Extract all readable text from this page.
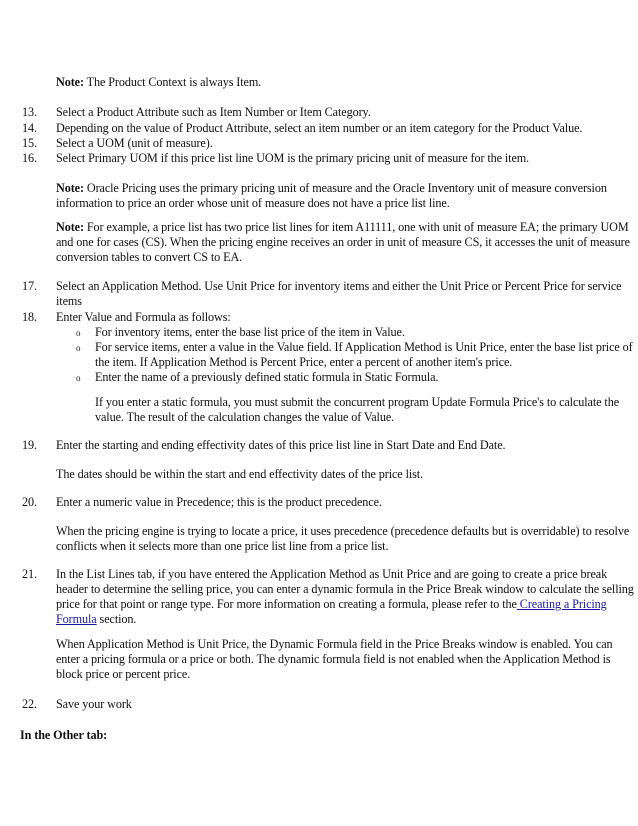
Note: The Product Context is always Item.

13. Select a Product Attribute such as Item Number or Item Category.

14. Depending on the value of Product Attribute, select an item number or an item category for the Product Value.

15. Select a UOM (unit of measure).

16. Select Primary UOM if this price list line UOM is the primary pricing unit of measure for the item.

Note: Oracle Pricing uses the primary pricing unit of measure and the Oracle Inventory unit of measure conversion information to price an order whose unit of measure does not have a price list line.

Note: For example, a price list has two price list lines for item A11111, one with unit of measure EA; the primary UOM and one for cases (CS). When the pricing engine receives an order in unit of measure CS, it accesses the unit of measure conversion tables to convert CS to EA.

17. Select an Application Method. Use Unit Price for inventory items and either the Unit Price or Percent Price for service items

18. Enter Value and Formula as follows:

o For inventory items, enter the base list price of the item in Value.

o For service items, enter a value in the Value field. If Application Method is Unit Price, enter the base list price of the item. If Application Method is Percent Price, enter a percent of another item's price.

o Enter the name of a previously defined static formula in Static Formula.

If you enter a static formula, you must submit the concurrent program Update Formula Price's to calculate the value. The result of the calculation changes the value of Value.

19. Enter the starting and ending effectivity dates of this price list line in Start Date and End Date.

The dates should be within the start and end effectivity dates of the price list.

20. Enter a numeric value in Precedence; this is the product precedence.

When the pricing engine is trying to locate a price, it uses precedence (precedence defaults but is overridable) to resolve conflicts when it selects more than one price list line from a price list.

21. In the List Lines tab, if you have entered the Application Method as Unit Price and are going to create a price break header to determine the selling price, you can enter a dynamic formula in the Price Break window to calculate the selling price for that point or range type. For more information on creating a formula, please refer to the Creating a Pricing Formula section.

When Application Method is Unit Price, the Dynamic Formula field in the Price Breaks window is enabled. You can enter a pricing formula or a price or both. The dynamic formula field is not enabled when the Application Method is block price or percent price.

22. Save your work

In the Other tab:
